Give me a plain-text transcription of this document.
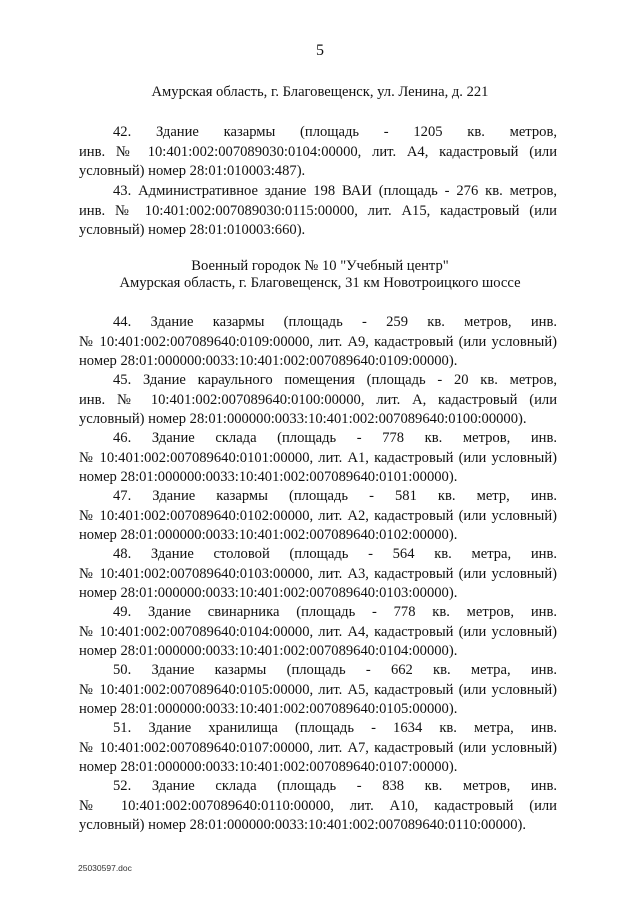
5
Амурская область, г. Благовещенск, ул. Ленина, д. 221
42. Здание казармы (площадь - 1205 кв. метров,
инв. № 10:401:002:007089030:0104:00000, лит. А4, кадастровый (или
условный) номер 28:01:010003:487).
43. Административное здание 198 ВАИ (площадь - 276 кв. метров,
инв. № 10:401:002:007089030:0115:00000, лит. А15, кадастровый (или
условный) номер 28:01:010003:660).
Военный городок № 10 "Учебный центр"
Амурская область, г. Благовещенск, 31 км Новотроицкого шоссе
44. Здание казармы (площадь - 259 кв. метров, инв.
№ 10:401:002:007089640:0109:00000, лит. А9, кадастровый (или условный)
номер 28:01:000000:0033:10:401:002:007089640:0109:00000).
45. Здание караульного помещения (площадь - 20 кв. метров,
инв. № 10:401:002:007089640:0100:00000, лит. А, кадастровый (или
условный) номер 28:01:000000:0033:10:401:002:007089640:0100:00000).
46. Здание склада (площадь - 778 кв. метров, инв.
№ 10:401:002:007089640:0101:00000, лит. А1, кадастровый (или условный)
номер 28:01:000000:0033:10:401:002:007089640:0101:00000).
47. Здание казармы (площадь - 581 кв. метр, инв.
№ 10:401:002:007089640:0102:00000, лит. А2, кадастровый (или условный)
номер 28:01:000000:0033:10:401:002:007089640:0102:00000).
48. Здание столовой (площадь - 564 кв. метра, инв.
№ 10:401:002:007089640:0103:00000, лит. А3, кадастровый (или условный)
номер 28:01:000000:0033:10:401:002:007089640:0103:00000).
49. Здание свинарника (площадь - 778 кв. метров, инв.
№ 10:401:002:007089640:0104:00000, лит. А4, кадастровый (или условный)
номер 28:01:000000:0033:10:401:002:007089640:0104:00000).
50. Здание казармы (площадь - 662 кв. метра, инв.
№ 10:401:002:007089640:0105:00000, лит. А5, кадастровый (или условный)
номер 28:01:000000:0033:10:401:002:007089640:0105:00000).
51. Здание хранилища (площадь - 1634 кв. метра, инв.
№ 10:401:002:007089640:0107:00000, лит. А7, кадастровый (или условный)
номер 28:01:000000:0033:10:401:002:007089640:0107:00000).
52. Здание склада (площадь - 838 кв. метров, инв.
№ 10:401:002:007089640:0110:00000, лит. А10, кадастровый (или
условный) номер 28:01:000000:0033:10:401:002:007089640:0110:00000).
25030597.doc
